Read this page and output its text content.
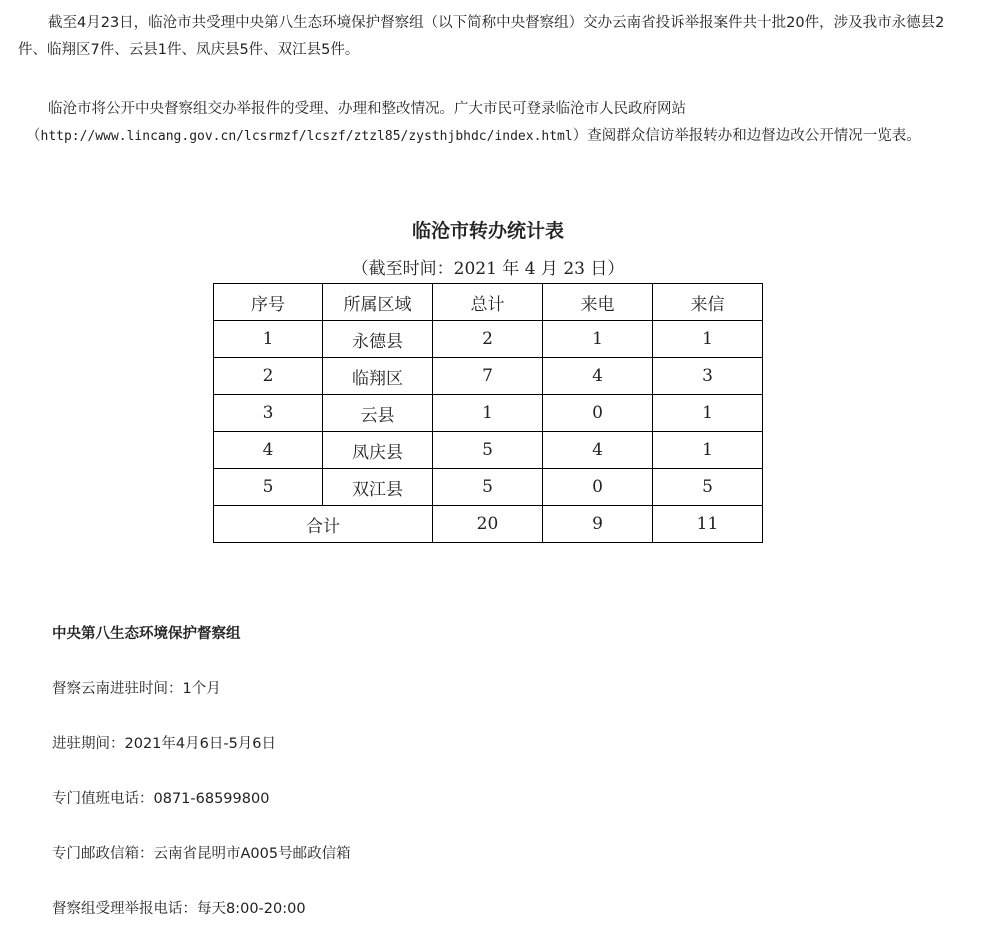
截至4月23日，临沧市共受理中央第八生态环境保护督察组（以下简称中央督察组）交办云南省投诉举报案件共十批20件，涉及我市永德县2件、临翔区7件、云县1件、凤庆县5件、双江县5件。

临沧市将公开中央督察组交办举报件的受理、办理和整改情况。广大市民可登录临沧市人民政府网站
（http://www.lincang.gov.cn/lcsrmzf/lcszf/ztzl85/zysthjbhdc/index.html）查阅群众信访举报转办和边督边改公开情况一览表。

临沧市转办统计表

（截至时间：2021 年 4 月 23 日）

序号	所属区域	总计	来电	来信
1	永德县	2	1	1
2	临翔区	7	4	3
3	云县	1	0	1
4	凤庆县	5	4	1
5	双江县	5	0	5
合计		20	9	11

中央第八生态环境保护督察组

督察云南进驻时间：1个月

进驻期间：2021年4月6日-5月6日

专门值班电话：0871-68599800

专门邮政信箱：云南省昆明市A005号邮政信箱

督察组受理举报电话：每天8:00-20:00
